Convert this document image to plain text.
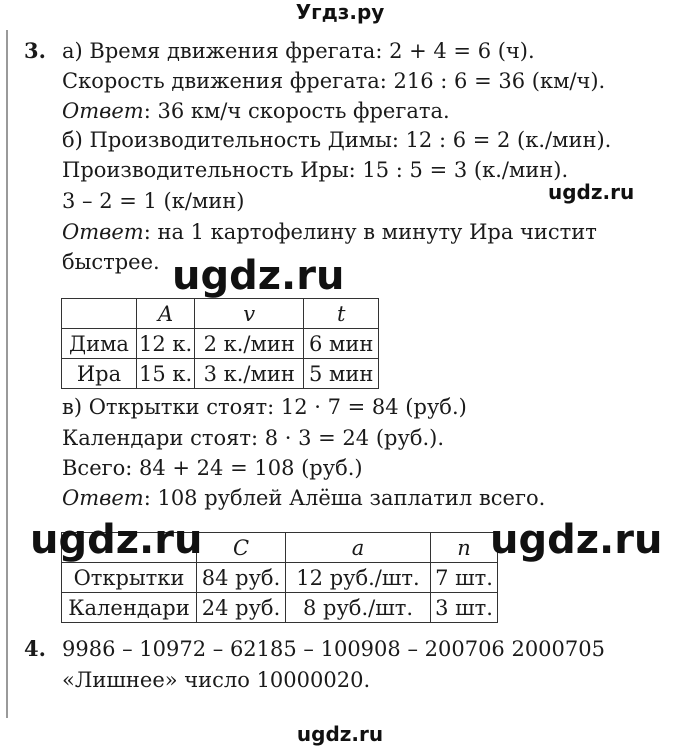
Угдз.ру
3. а) Время движения фрегата: 2 + 4 = 6 (ч).
Скорость движения фрегата: 216 : 6 = 36 (км/ч).
Ответ: 36 км/ч скорость фрегата.
б) Производительность Димы: 12 : 6 = 2 (к./мин).
Производительность Иры: 15 : 5 = 3 (к./мин).
3 – 2 = 1 (к/мин)	ugdz.ru
Ответ: на 1 картофелину в минуту Ира чистит
быстрее. ugdz.ru
	A	v	t
Дима	12 к.	2 к./мин	6 мин
Ира	15 к.	3 к./мин	5 мин
в) Открытки стоят: 12 · 7 = 84 (руб.)
Календари стоят: 8 · 3 = 24 (руб.).
Всего: 84 + 24 = 108 (руб.)
Ответ: 108 рублей Алёша заплатил всего.
	C	a	n
Открытки	84 руб.	12 руб./шт.	7 шт.
Календари	24 руб.	8 руб./шт.	3 шт.
ugdz.ru	ugdz.ru
4. 9986 – 10972 – 62185 – 100908 – 200706 2000705
«Лишнее» число 10000020.
ugdz.ru
